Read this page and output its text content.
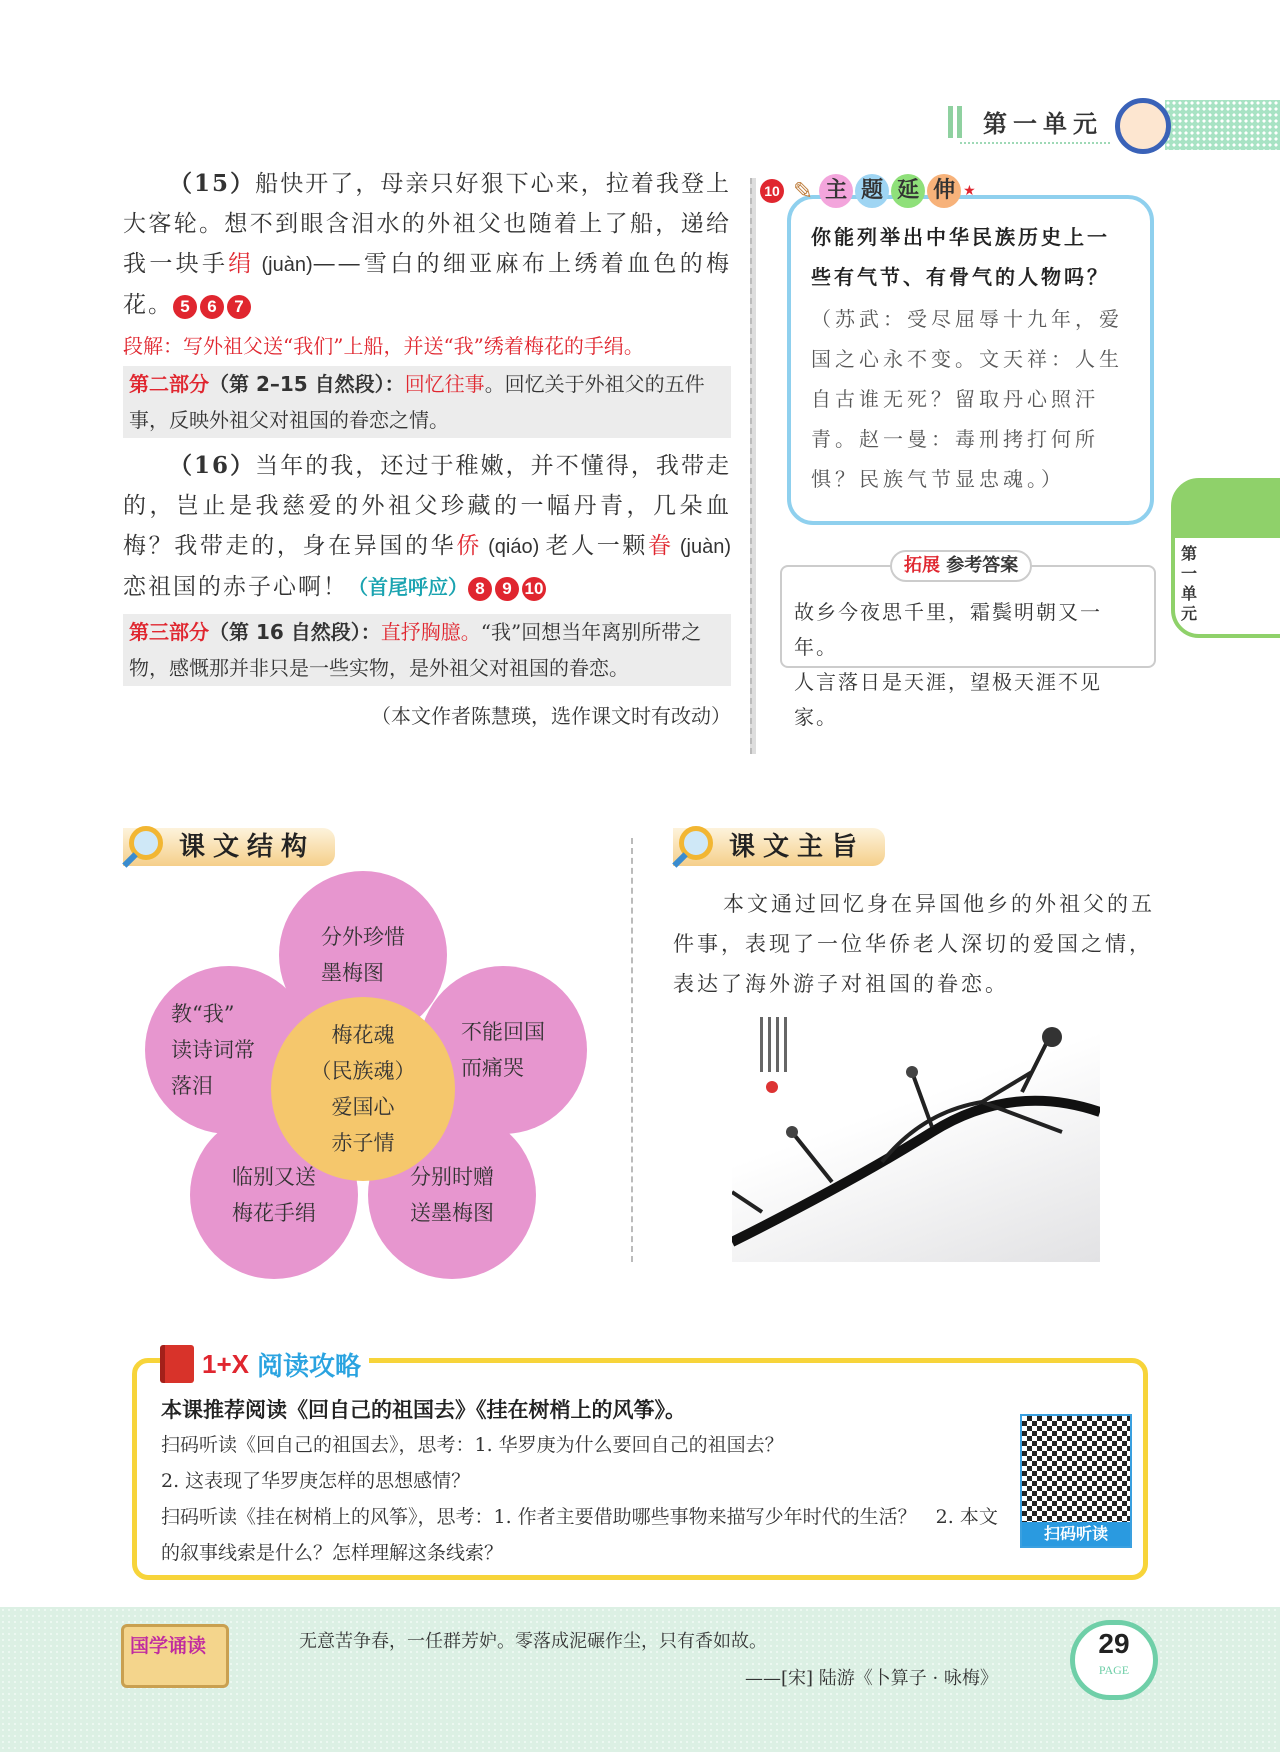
第一单元

（15）船快开了，母亲只好狠下心来，拉着我登上大客轮。想不到眼含泪水的外祖父也随着上了船，递给我一块手绢 (juàn)——雪白的细亚麻布上绣着血色的梅花。 5 6 7

段解：写外祖父送“我们”上船，并送“我”绣着梅花的手绢。

第二部分（第 2–15 自然段）：回忆往事。回忆关于外祖父的五件事，反映外祖父对祖国的眷恋之情。

（16）当年的我，还过于稚嫩，并不懂得，我带走的，岂止是我慈爱的外祖父珍藏的一幅丹青，几朵血梅？我带走的，身在异国的华侨 (qiáo) 老人一颗眷 (juàn) 恋祖国的赤子心啊！（首尾呼应） 8 9 10

第三部分（第 16 自然段）：直抒胸臆。“我”回想当年离别所带之物，感慨那并非只是一些实物，是外祖父对祖国的眷恋。

（本文作者陈慧瑛，选作课文时有改动）

你能列举出中华民族历史上一些有气节、有骨气的人物吗？

（苏武：受尽屈辱十九年，爱国之心永不变。文天祥：人生自古谁无死？留取丹心照汗青。赵一曼：毒刑拷打何所惧？民族气节显忠魂。）

10 ✎ 主 题 延 伸 ★

故乡今夜思千里，霜鬓明朝又一年。

人言落日是天涯，望极天涯不见家。

拓展 参考答案
第一单元
课文结构
分外珍惜
墨梅图
不能回国
而痛哭
分别时赠
送墨梅图
临别又送
梅花手绢
教“我”
读诗词常
落泪
梅花魂
（民族魂）
爱国心
赤子情
课文主旨

本文通过回忆身在异国他乡的外祖父的五件事，表现了一位华侨老人深切的爱国之情，表达了海外游子对祖国的眷恋。

本课推荐阅读《回自己的祖国去》《挂在树梢上的风筝》。

扫码听读《回自己的祖国去》，思考：1. 华罗庚为什么要回自己的祖国去？

2. 这表现了华罗庚怎样的思想感情？

扫码听读《挂在树梢上的风筝》，思考：1. 作者主要借助哪些事物来描写少年时代的生活？　2. 本文的叙事线索是什么？怎样理解这条线索？

1+X 阅读攻略
扫码听读
国学诵读	无意苦争春，一任群芳妒。零落成泥碾作尘，只有香如故。

——[宋] 陆游《卜算子 · 咏梅》

29
PAGE
